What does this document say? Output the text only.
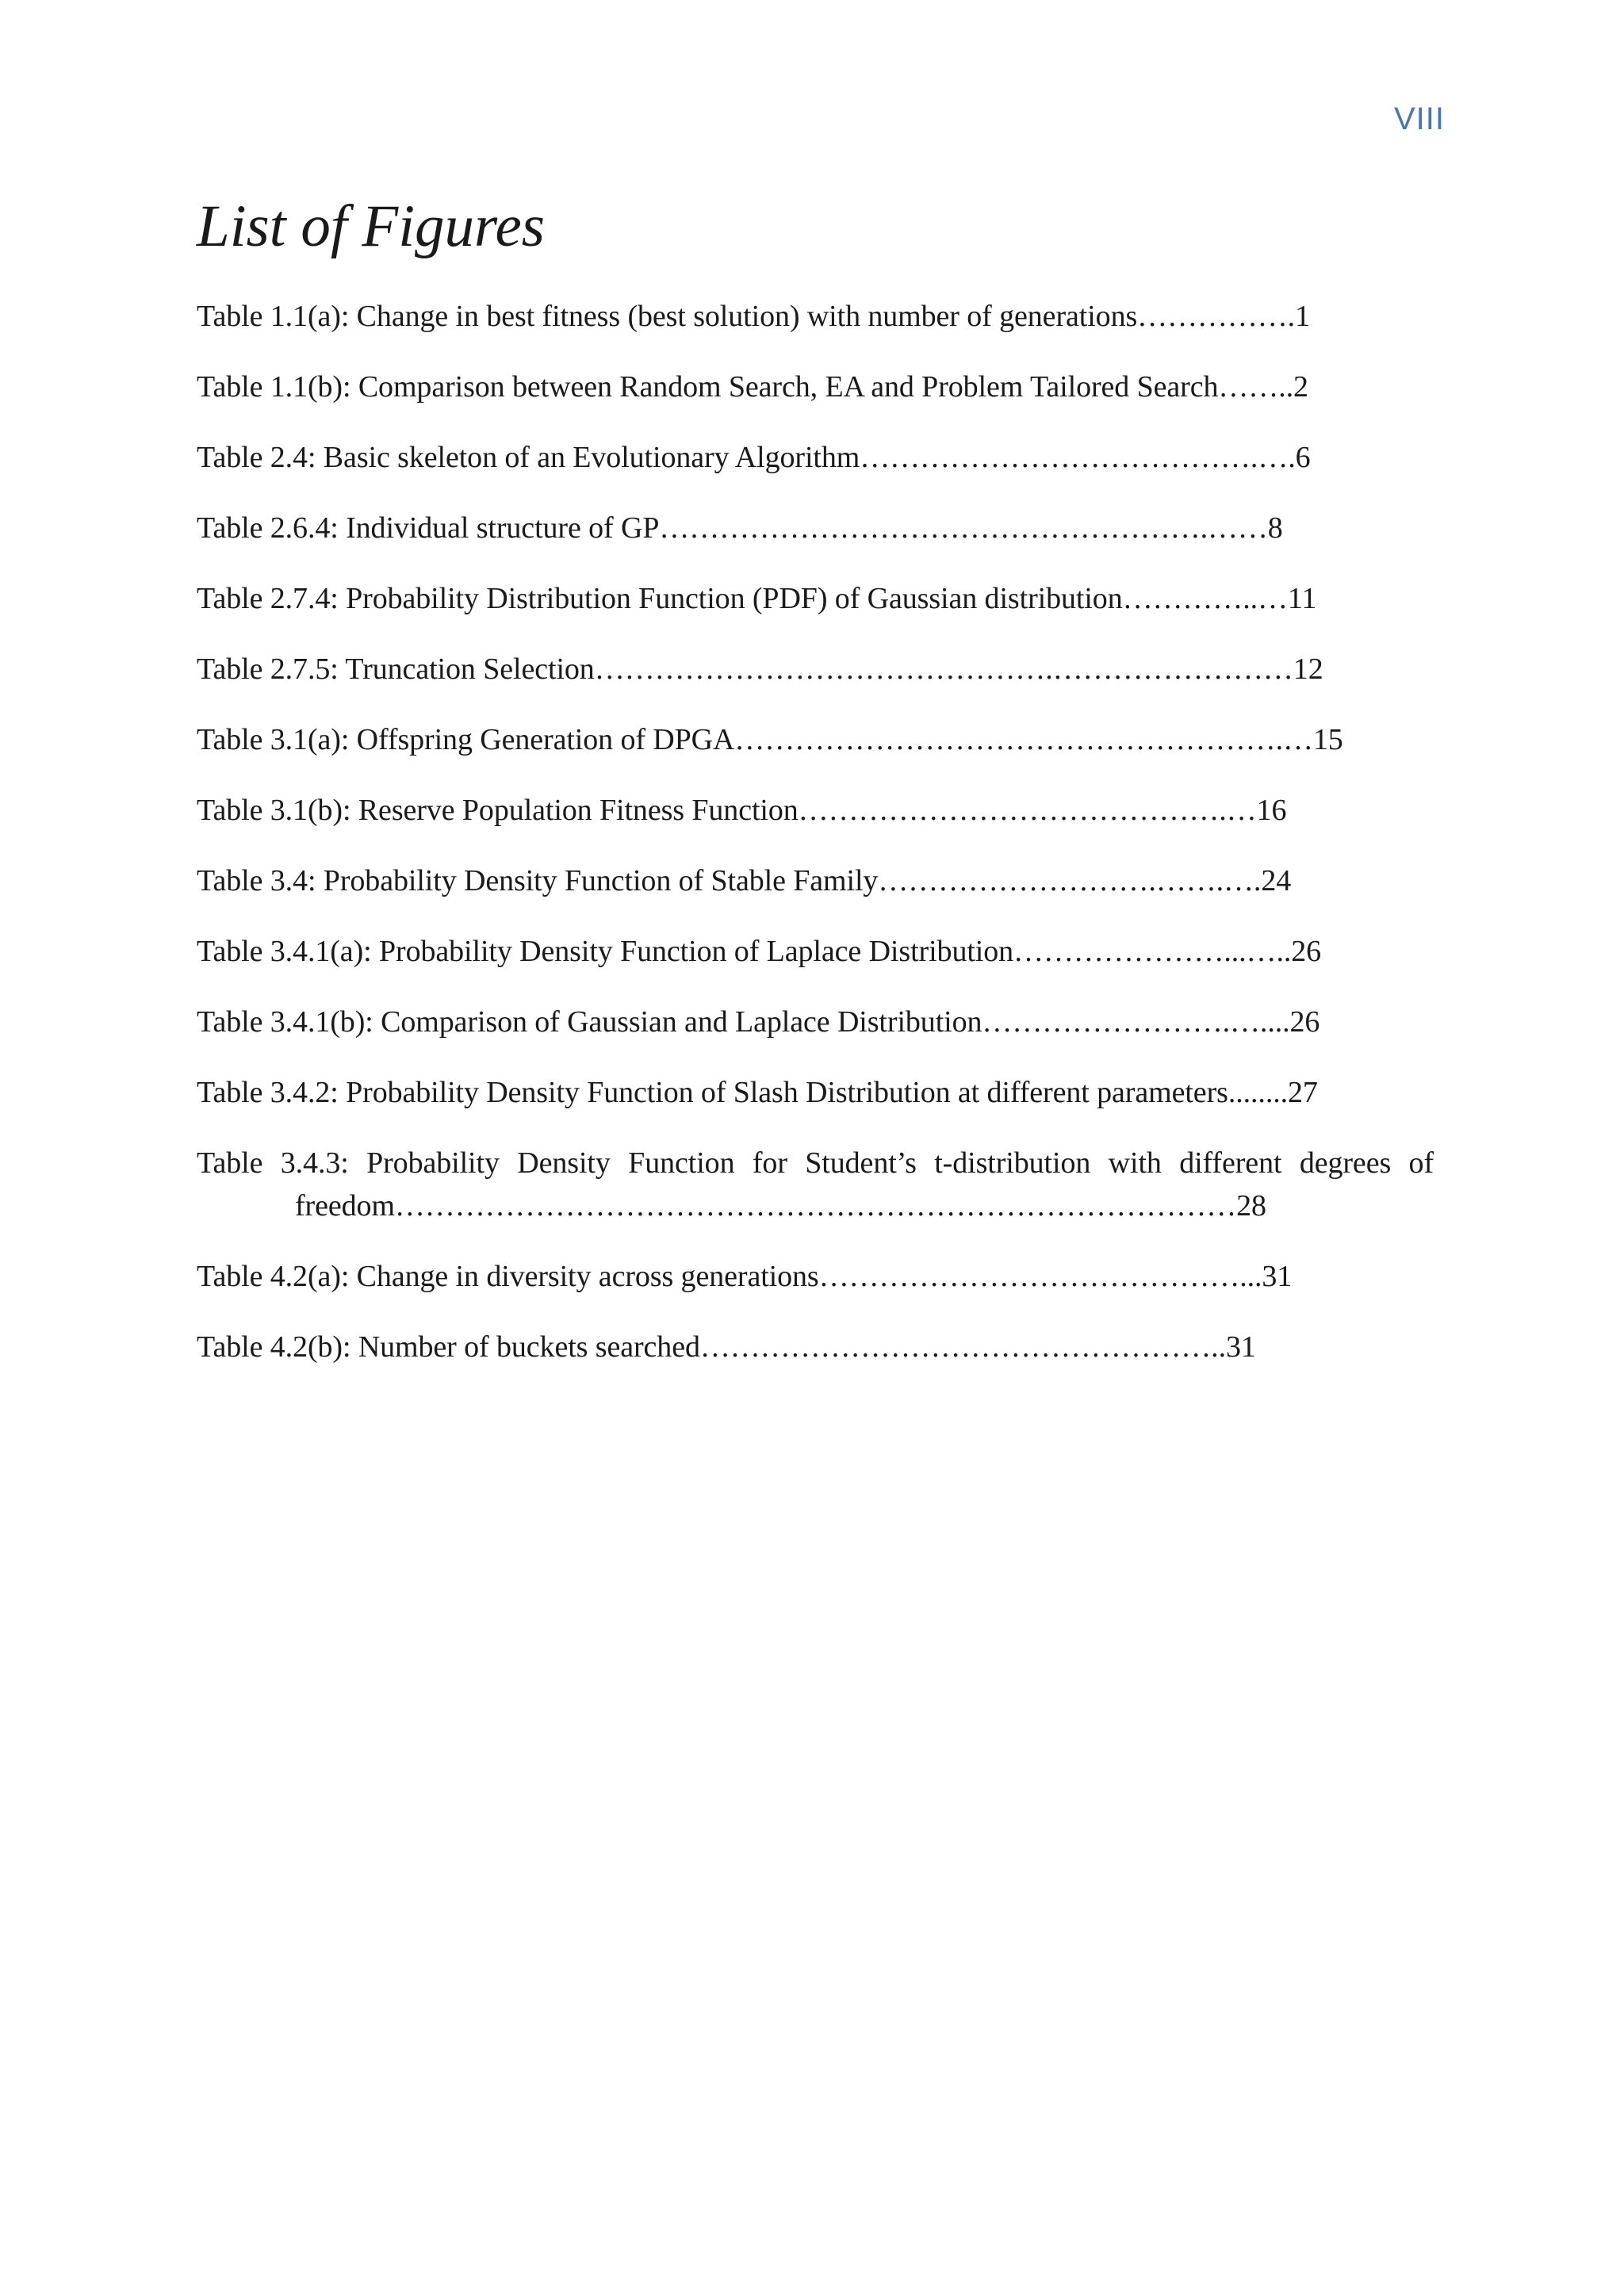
VIII
List of Figures
Table 1.1(a): Change in best fitness (best solution) with number of generations…………….1
Table 1.1(b): Comparison between Random Search, EA and Problem Tailored Search……..2
Table 2.4: Basic skeleton of an Evolutionary Algorithm………………………………….….6
Table 2.6.4: Individual structure of GP……………………………………………….……8
Table 2.7.4: Probability Distribution Function (PDF) of Gaussian distribution…………..…11
Table 2.7.5: Truncation Selection……………………………………….……………………12
Table 3.1(a): Offspring Generation of DPGA……………………………………………….…15
Table 3.1(b): Reserve Population Fitness Function…………………………………….…16
Table 3.4: Probability Density Function of Stable Family……………………….…….….24
Table 3.4.1(a): Probability Density Function of Laplace Distribution…………………...…..26
Table 3.4.1(b): Comparison of Gaussian and Laplace Distribution…………………….…....26
Table 3.4.2: Probability Density Function of Slash Distribution at different parameters........27
Table 3.4.3: Probability Density Function for Student’s t-distribution with different degrees of freedom…………………………………………………………………………28
Table 4.2(a): Change in diversity across generations……………………………………...31
Table 4.2(b): Number of buckets searched……………………………………………..31
